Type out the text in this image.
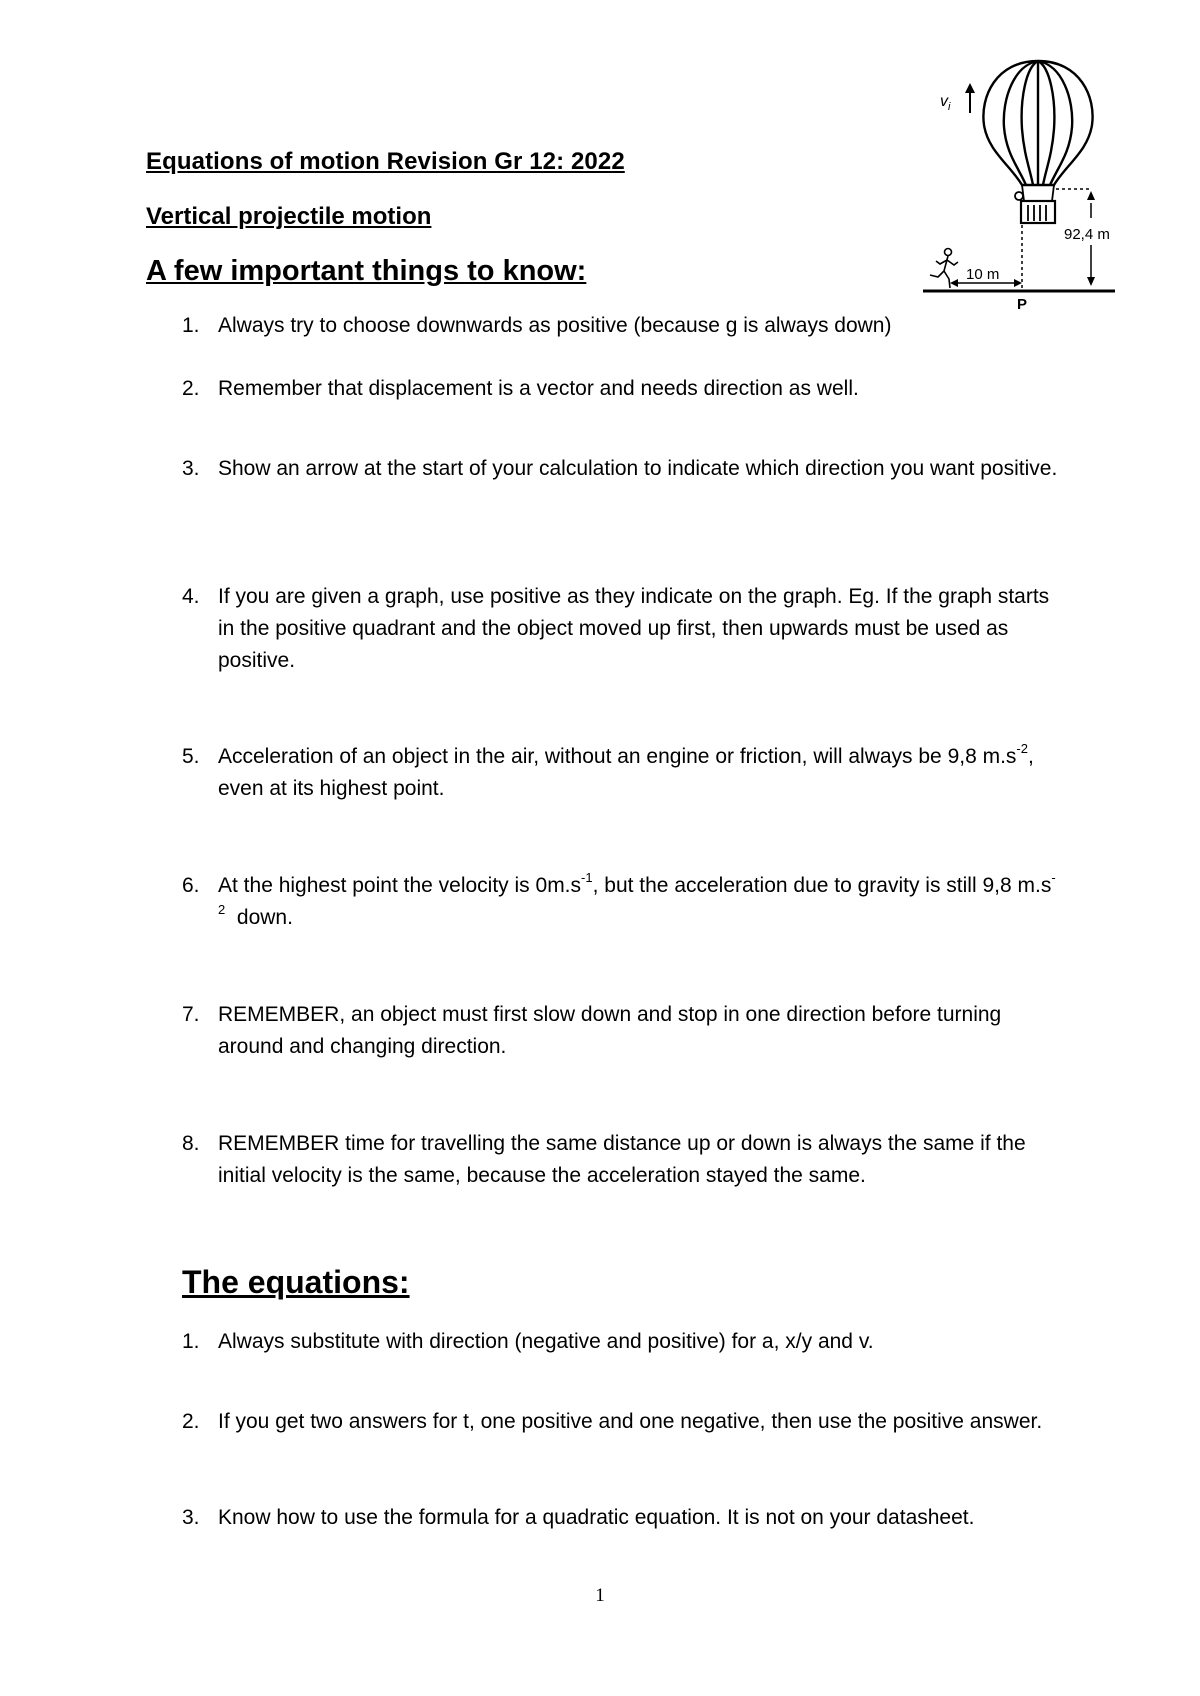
Equations of motion Revision Gr 12: 2022
Vertical projectile motion
A few important things to know:
$v_i$
92,4 m
10 m
P
1. Always try to choose downwards as positive (because g is always down)
2. Remember that displacement is a vector and needs direction as well.
3. Show an arrow at the start of your calculation to indicate which direction you want positive.
4. If you are given a graph, use positive as they indicate on the graph. Eg. If the graph starts in the positive quadrant and the object moved up first, then upwards must be used as positive.
5. Acceleration of an object in the air, without an engine or friction, will always be 9,8 $m.s^{-2}$, even at its highest point.
6. At the highest point the velocity is $0m.s^{-1}$, but the acceleration due to gravity is still 9,8 $m.s^{-2}$  down.
7. REMEMBER, an object must first slow down and stop in one direction before turning around and changing direction.
8. REMEMBER time for travelling the same distance up or down is always the same if the initial velocity is the same, because the acceleration stayed the same.
The equations:
1. Always substitute with direction (negative and positive) for a, x/y and v.
2. If you get two answers for t, one positive and one negative, then use the positive answer.
3. Know how to use the formula for a quadratic equation. It is not on your datasheet.
1
